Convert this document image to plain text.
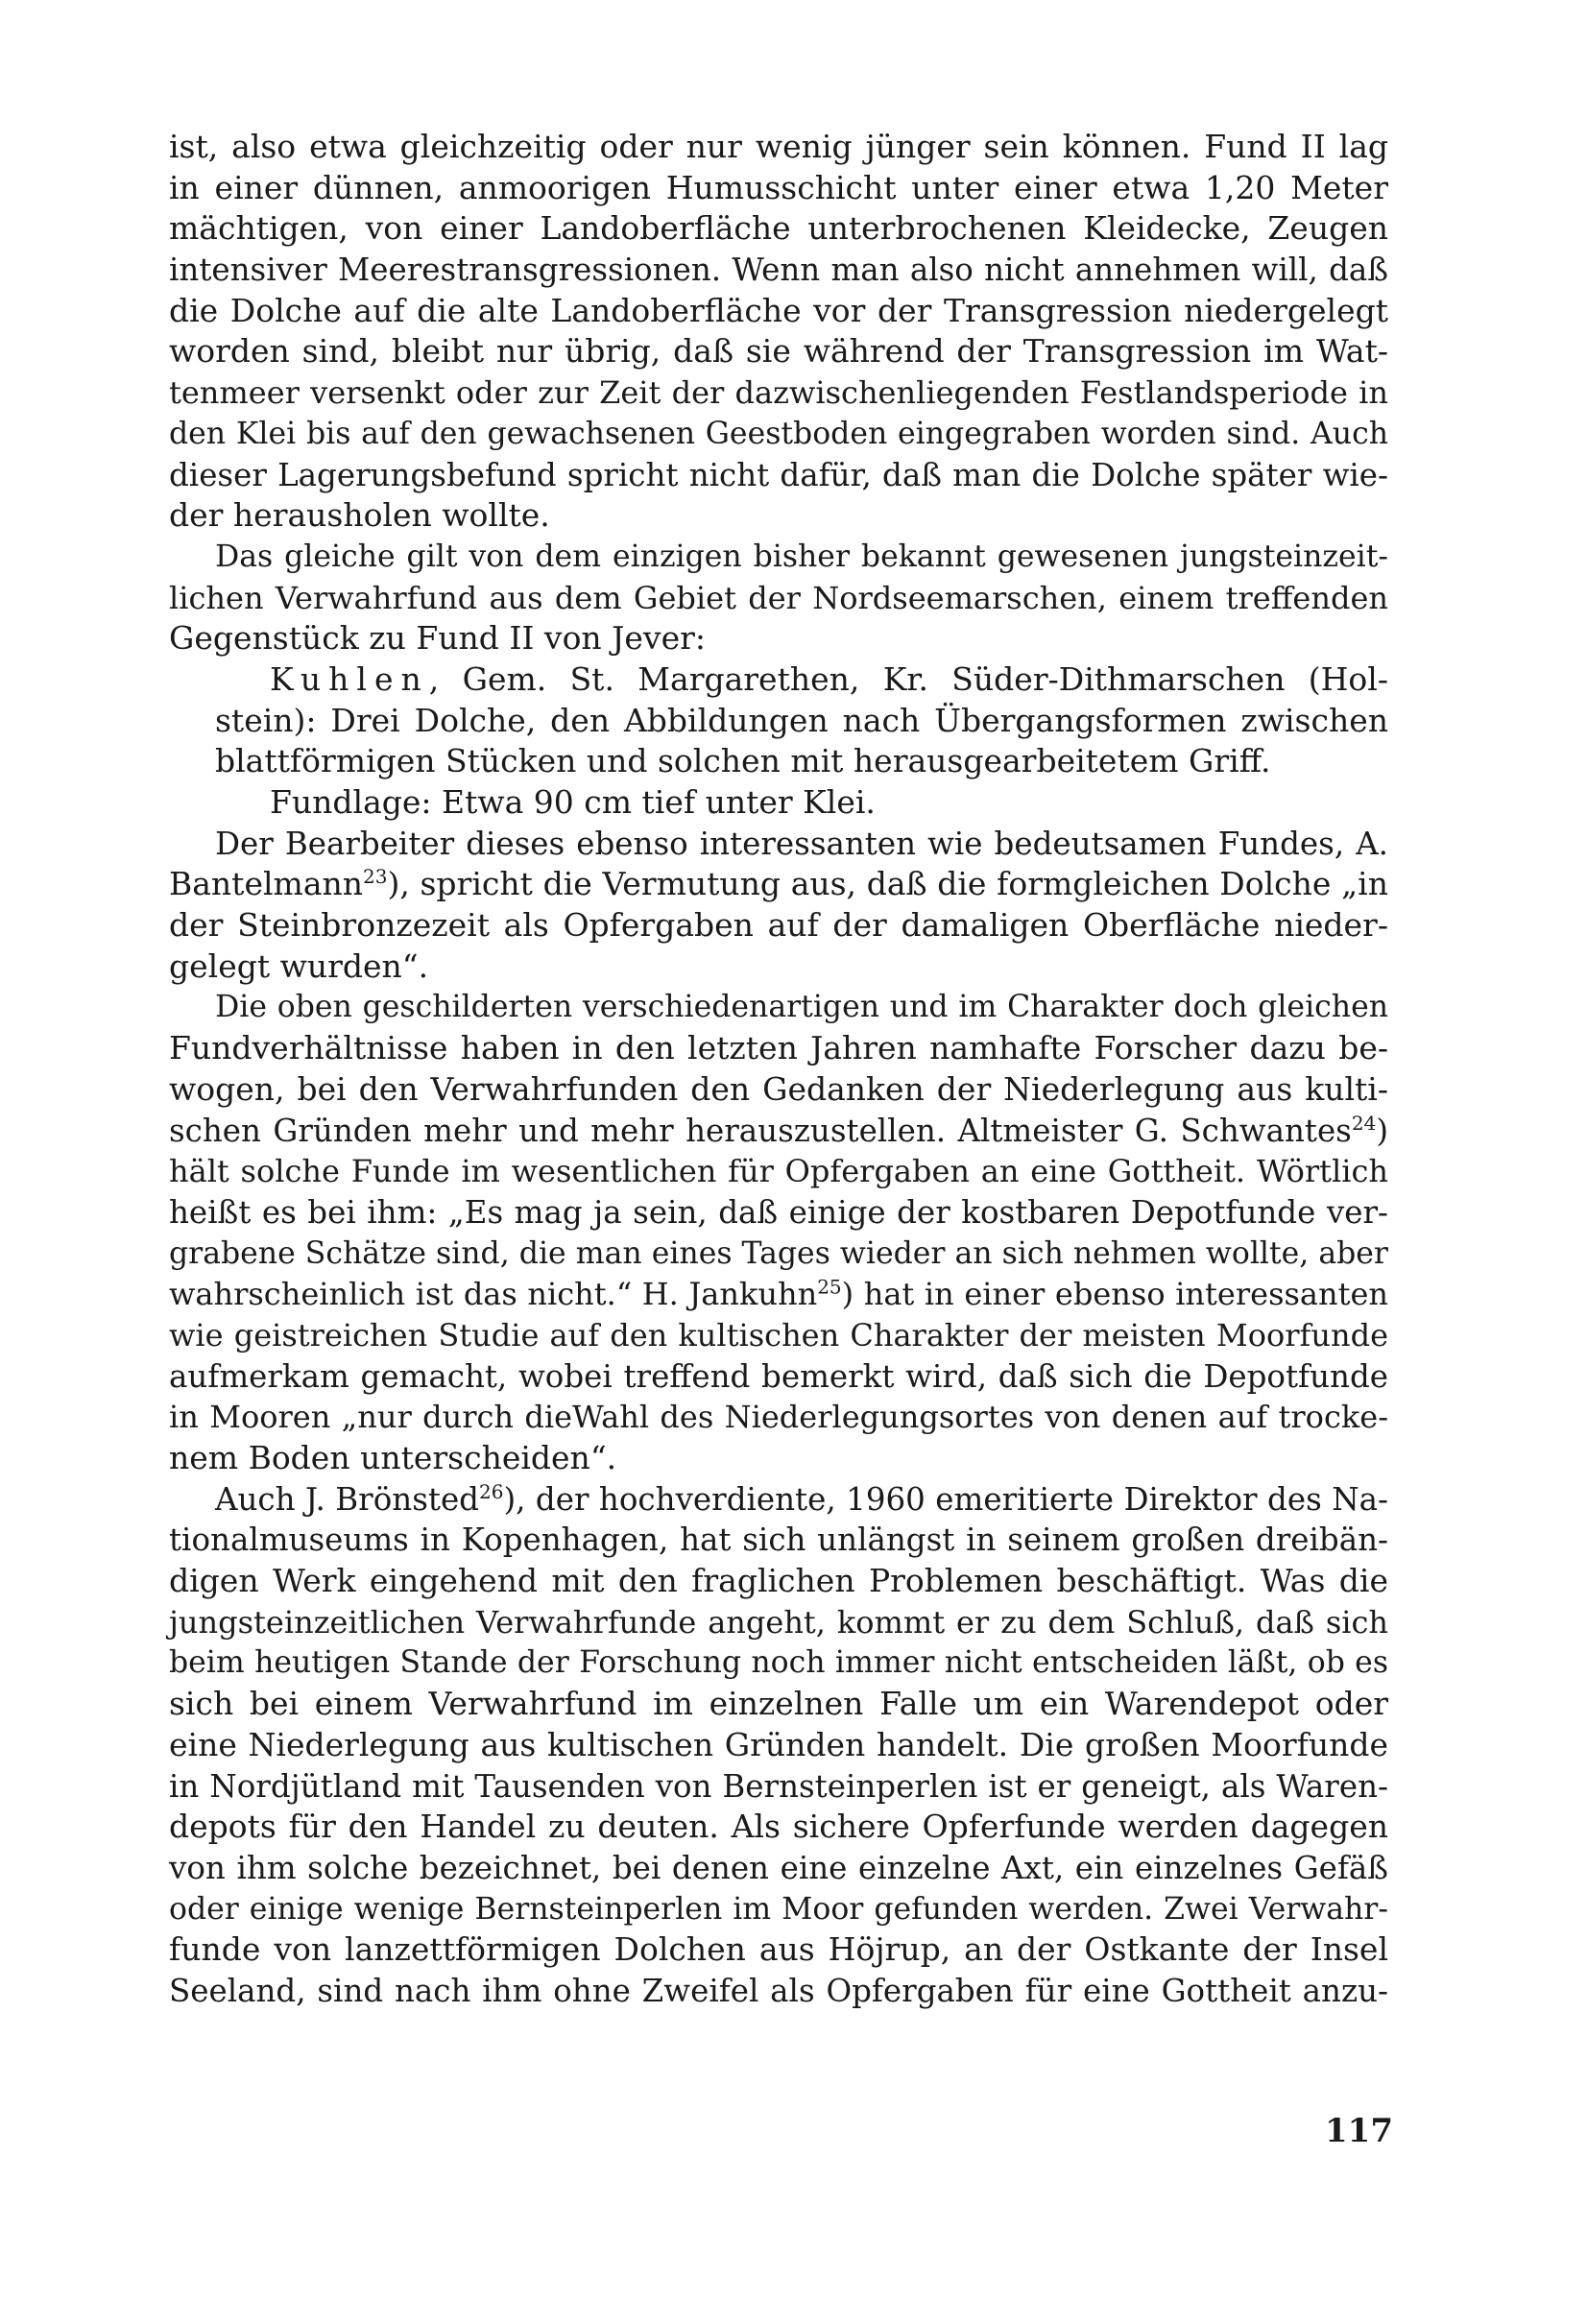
ist, also etwa gleichzeitig oder nur wenig jünger sein können. Fund II lag
in einer dünnen, anmoorigen Humusschicht unter einer etwa 1,20 Meter
mächtigen, von einer Landoberfläche unterbrochenen Kleidecke, Zeugen
intensiver Meerestransgressionen. Wenn man also nicht annehmen will, daß
die Dolche auf die alte Landoberfläche vor der Transgression niedergelegt
worden sind, bleibt nur übrig, daß sie während der Transgression im Wat-
tenmeer versenkt oder zur Zeit der dazwischenliegenden Festlandsperiode in
den Klei bis auf den gewachsenen Geestboden eingegraben worden sind. Auch
dieser Lagerungsbefund spricht nicht dafür, daß man die Dolche später wie-
der herausholen wollte.
Das gleiche gilt von dem einzigen bisher bekannt gewesenen jungsteinzeit-
lichen Verwahrfund aus dem Gebiet der Nordseemarschen, einem treffenden
Gegenstück zu Fund II von Jever:
Kuhlen, Gem. St. Margarethen, Kr. Süder-Dithmarschen (Hol-
stein): Drei Dolche, den Abbildungen nach Übergangsformen zwischen
blattförmigen Stücken und solchen mit herausgearbeitetem Griff.
Fundlage: Etwa 90 cm tief unter Klei.
Der Bearbeiter dieses ebenso interessanten wie bedeutsamen Fundes, A.
Bantelmann$^{23}$), spricht die Vermutung aus, daß die formgleichen Dolche „in
der Steinbronzezeit als Opfergaben auf der damaligen Oberfläche nieder-
gelegt wurden“.
Die oben geschilderten verschiedenartigen und im Charakter doch gleichen
Fundverhältnisse haben in den letzten Jahren namhafte Forscher dazu be-
wogen, bei den Verwahrfunden den Gedanken der Niederlegung aus kulti-
schen Gründen mehr und mehr herauszustellen. Altmeister G. Schwantes$^{24}$)
hält solche Funde im wesentlichen für Opfergaben an eine Gottheit. Wörtlich
heißt es bei ihm: „Es mag ja sein, daß einige der kostbaren Depotfunde ver-
grabene Schätze sind, die man eines Tages wieder an sich nehmen wollte, aber
wahrscheinlich ist das nicht.“ H. Jankuhn$^{25}$) hat in einer ebenso interessanten
wie geistreichen Studie auf den kultischen Charakter der meisten Moorfunde
aufmerkam gemacht, wobei treffend bemerkt wird, daß sich die Depotfunde
in Mooren „nur durch dieWahl des Niederlegungsortes von denen auf trocke-
nem Boden unterscheiden“.
Auch J. Brönsted$^{26}$), der hochverdiente, 1960 emeritierte Direktor des Na-
tionalmuseums in Kopenhagen, hat sich unlängst in seinem großen dreibän-
digen Werk eingehend mit den fraglichen Problemen beschäftigt. Was die
jungsteinzeitlichen Verwahrfunde angeht, kommt er zu dem Schluß, daß sich
beim heutigen Stande der Forschung noch immer nicht entscheiden läßt, ob es
sich bei einem Verwahrfund im einzelnen Falle um ein Warendepot oder
eine Niederlegung aus kultischen Gründen handelt. Die großen Moorfunde
in Nordjütland mit Tausenden von Bernsteinperlen ist er geneigt, als Waren-
depots für den Handel zu deuten. Als sichere Opferfunde werden dagegen
von ihm solche bezeichnet, bei denen eine einzelne Axt, ein einzelnes Gefäß
oder einige wenige Bernsteinperlen im Moor gefunden werden. Zwei Verwahr-
funde von lanzettförmigen Dolchen aus Höjrup, an der Ostkante der Insel
Seeland, sind nach ihm ohne Zweifel als Opfergaben für eine Gottheit anzu-
117
